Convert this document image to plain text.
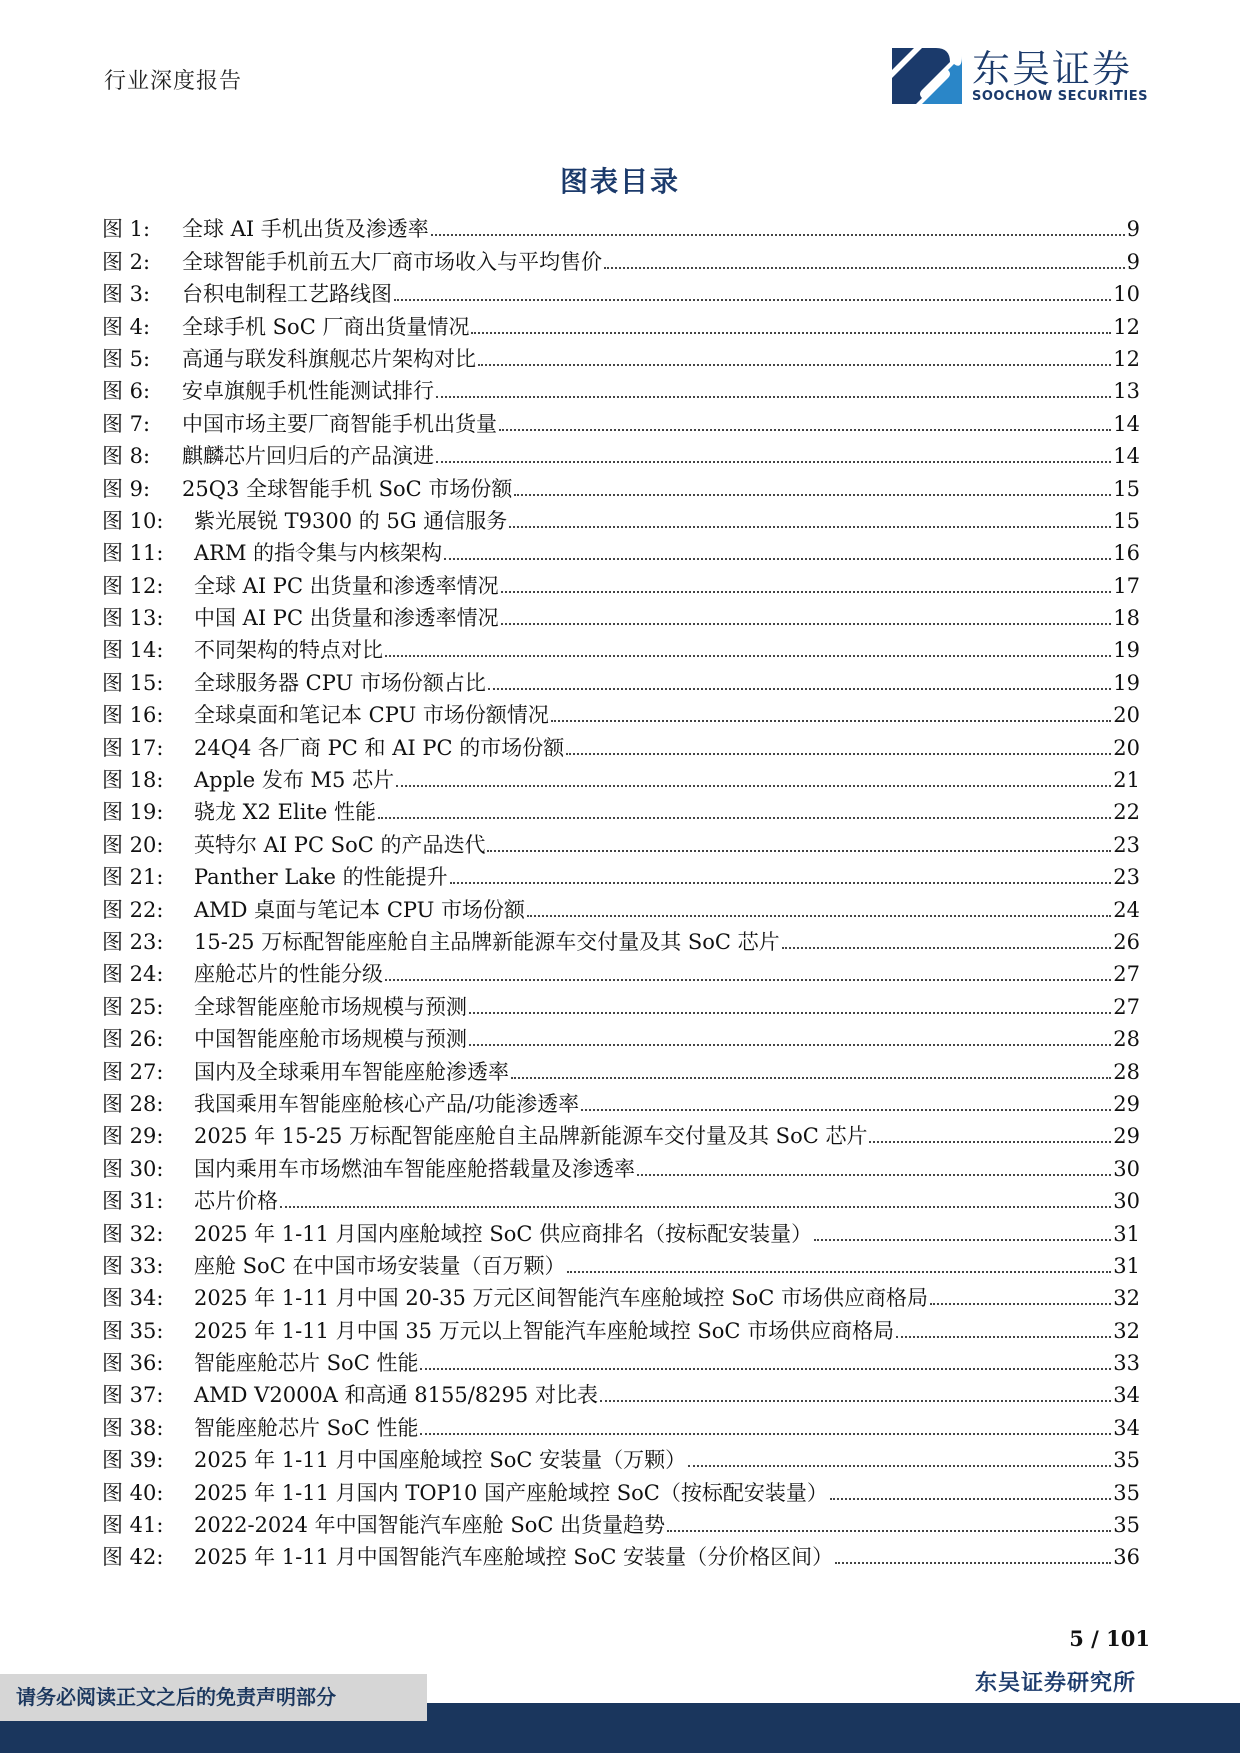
行业深度报告	东吴证券
SOOCHOW SECURITIES
图表目录
图 1:	全球 AI 手机出货及渗透率	9
图 2:	全球智能手机前五大厂商市场收入与平均售价	9
图 3:	台积电制程工艺路线图	10
图 4:	全球手机 SoC 厂商出货量情况	12
图 5:	高通与联发科旗舰芯片架构对比	12
图 6:	安卓旗舰手机性能测试排行	13
图 7:	中国市场主要厂商智能手机出货量	14
图 8:	麒麟芯片回归后的产品演进	14
图 9:	25Q3 全球智能手机 SoC 市场份额	15
图 10:	紫光展锐 T9300 的 5G 通信服务	15
图 11:	ARM 的指令集与内核架构	16
图 12:	全球 AI PC 出货量和渗透率情况	17
图 13:	中国 AI PC 出货量和渗透率情况	18
图 14:	不同架构的特点对比	19
图 15:	全球服务器 CPU 市场份额占比	19
图 16:	全球桌面和笔记本 CPU 市场份额情况	20
图 17:	24Q4 各厂商 PC 和 AI PC 的市场份额	20
图 18:	Apple 发布 M5 芯片	21
图 19:	骁龙 X2 Elite 性能	22
图 20:	英特尔 AI PC SoC 的产品迭代	23
图 21:	Panther Lake 的性能提升	23
图 22:	AMD 桌面与笔记本 CPU 市场份额	24
图 23:	15-25 万标配智能座舱自主品牌新能源车交付量及其 SoC 芯片	26
图 24:	座舱芯片的性能分级	27
图 25:	全球智能座舱市场规模与预测	27
图 26:	中国智能座舱市场规模与预测	28
图 27:	国内及全球乘用车智能座舱渗透率	28
图 28:	我国乘用车智能座舱核心产品/功能渗透率	29
图 29:	2025 年 15-25 万标配智能座舱自主品牌新能源车交付量及其 SoC 芯片	29
图 30:	国内乘用车市场燃油车智能座舱搭载量及渗透率	30
图 31:	芯片价格	30
图 32:	2025 年 1-11 月国内座舱域控 SoC 供应商排名（按标配安装量）	31
图 33:	座舱 SoC 在中国市场安装量（百万颗）	31
图 34:	2025 年 1-11 月中国 20-35 万元区间智能汽车座舱域控 SoC 市场供应商格局	32
图 35:	2025 年 1-11 月中国 35 万元以上智能汽车座舱域控 SoC 市场供应商格局	32
图 36:	智能座舱芯片 SoC 性能	33
图 37:	AMD V2000A 和高通 8155/8295 对比表	34
图 38:	智能座舱芯片 SoC 性能	34
图 39:	2025 年 1-11 月中国座舱域控 SoC 安装量（万颗）	35
图 40:	2025 年 1-11 月国内 TOP10 国产座舱域控 SoC（按标配安装量）	35
图 41:	2022-2024 年中国智能汽车座舱 SoC 出货量趋势	35
图 42:	2025 年 1-11 月中国智能汽车座舱域控 SoC 安装量（分价格区间）	36
5 / 101
东吴证券研究所
请务必阅读正文之后的免责声明部分
